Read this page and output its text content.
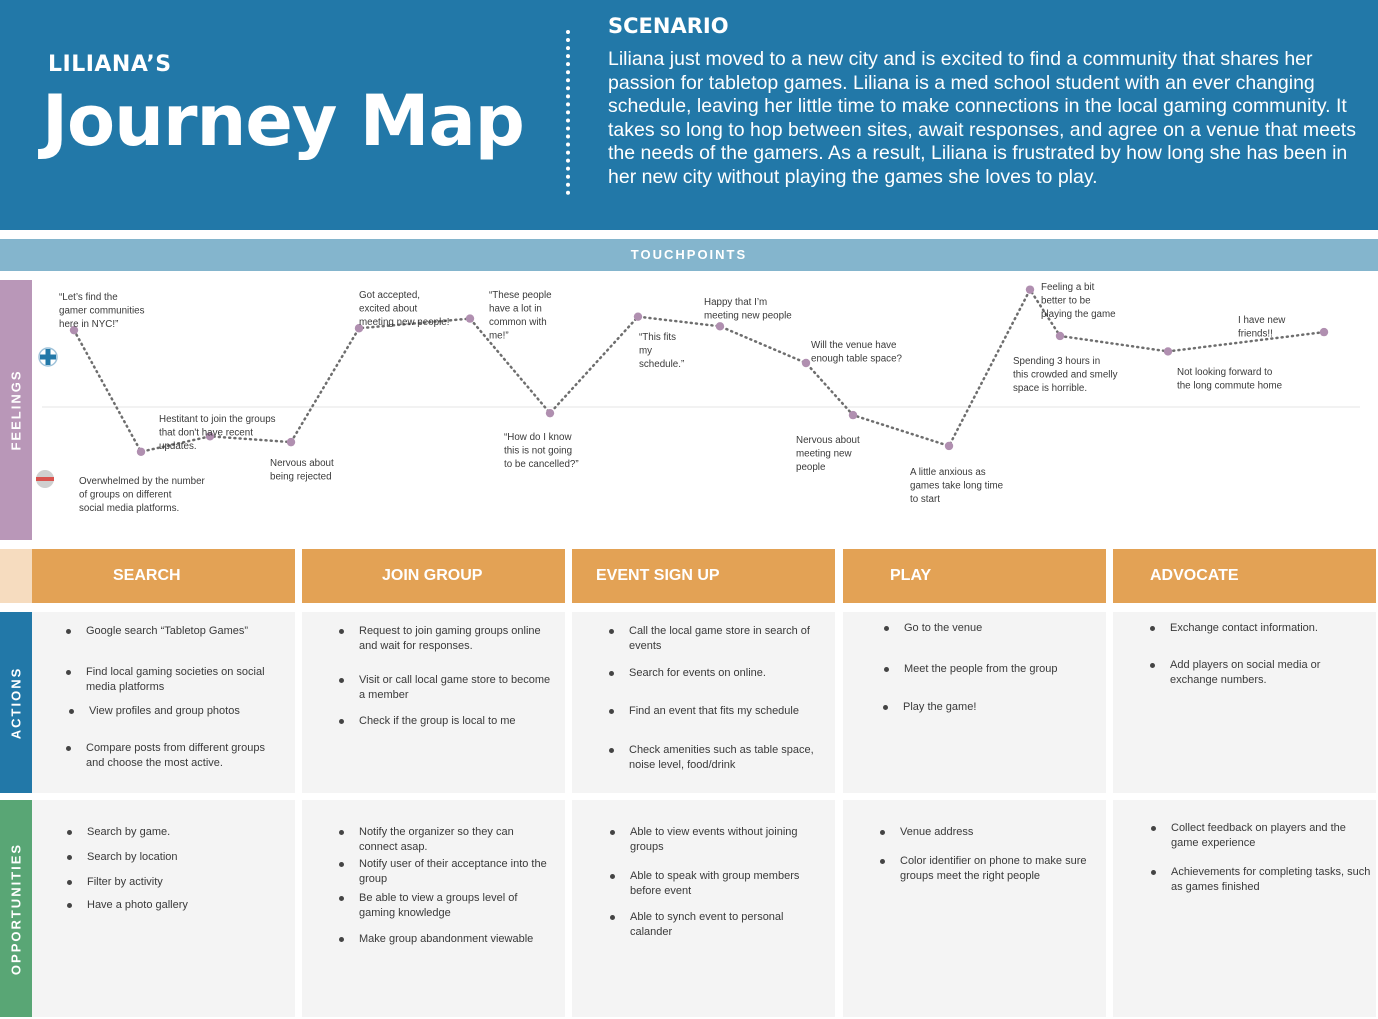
LILIANA’S
Journey Map
SCENARIO
Liliana just moved to a new city and is excited to find a community that shares her passion for tabletop games. Liliana is a med school student with an ever changing schedule, leaving her little time to make connections in the local gaming community. It takes so long to hop between sites, await responses, and agree on a venue that meets the needs of the gamers. As a result, Liliana is frustrated by how long she has been in her new city without playing the games she loves to play.
TOUCHPOINTS
FEELINGS
“Let’s find the gamer communities here in NYC!”
Overwhelmed by the number of groups on different social media platforms.
Hestitant to join the groups that don't have recent updates.
Nervous about being rejected
Got accepted, excited about meeting new people!
“These people have a lot in common with me!”
“How do I know this is not going to be cancelled?”
“This fits my schedule.”
Happy that I’m meeting new people
Will the venue have enough table space?
Nervous about meeting new people	A little anxious as games take long time to start
Feeling a bit better to be playing the game
Spending 3 hours in this crowded and smelly space is horrible.
Not looking forward to the long commute home
I have new friends!!
SEARCH	JOIN GROUP	EVENT SIGN UP	PLAY	ADVOCATE
ACTIONS
Google search “Tabletop Games”
Find local gaming societies on social media platforms
View profiles and group photos
Compare posts from different groups and choose the most active.
Request to join gaming groups online and wait for responses.
Visit or call local game store to become a member
Check if the group is local to me
Call the local game store in search of events
Search for events on online.
Find an event that fits my schedule
Check amenities such as table space, noise level, food/drink
Go to the venue
Meet the people from the group
Play the game!
Exchange contact information.
Add players on social media or exchange numbers.
OPPORTUNITIES
Search by game.
Search by location
Filter by activity
Have a photo gallery
Notify the organizer so they can connect asap.
Notify user of their acceptance into the group
Be able to view a groups level of gaming knowledge
Make group abandonment viewable
Able to view events without joining groups
Able to speak with group members before event
Able to synch event to personal calander
Venue address
Color identifier on phone to make sure groups meet the right people
Collect feedback on players and the game experience
Achievements for completing tasks, such as games finished
